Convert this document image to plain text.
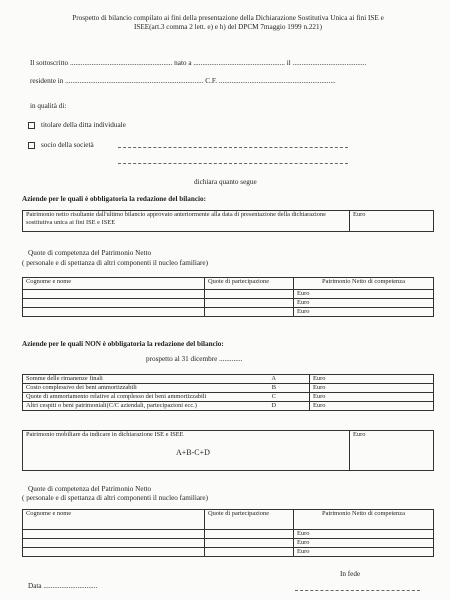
Prospetto di bilancio compilato ai fini della presentazione della Dichiarazione Sostitutiva Unica ai fini ISE e
ISEE(art.3 comma 2 lett. e) e h) del DPCM 7maggio 1999 n.221)
Il sottoscritto ......................................................... nato a ................................................... il .........................................
residente in ............................................................................. C.F. .................................................................
in qualità di:
titolare della ditta individuale
socio della società
dichiara quanto segue
Aziende per le quali è obbligatoria la redazione del bilancio:
Patrimonio netto risultante dall'ultimo bilancio approvato anteriormente alla data di presentazione della dichiarazione sostitutiva unica ai fini ISE e ISEE	Euro
Quote di competenza del Patrimonio Netto
( personale e di spettanza di altri componenti il nucleo familiare)
Cognome e nome	Quote di partecipazione	Patrimonio Netto di competenza
		Euro
		Euro
		Euro
Aziende per le quali NON è obbligatoria la redazione del bilancio:
prospetto al 31 dicembre .............
Somme delle rimanenze finali A	Euro
Costo complessivo dei beni ammortizzabili B	Euro
Quote di ammortamento relative al complesso dei beni ammortizzabili C	Euro
Altri cespiti o beni patrimoniali(C/C aziendali, partecipazioni ecc.) D	Euro
Patrimonio mobiliare da indicare in dichiarazione ISE e ISEE
A+B-C+D
	Euro
Quote di competenza del Patrimonio Netto
( personale e di spettanza di altri componenti il nucleo familiare)
Cognome e nome	Quote di partecipazione	Patrimonio Netto di competenza
		Euro
		Euro
		Euro
In fede
Data ..............................
